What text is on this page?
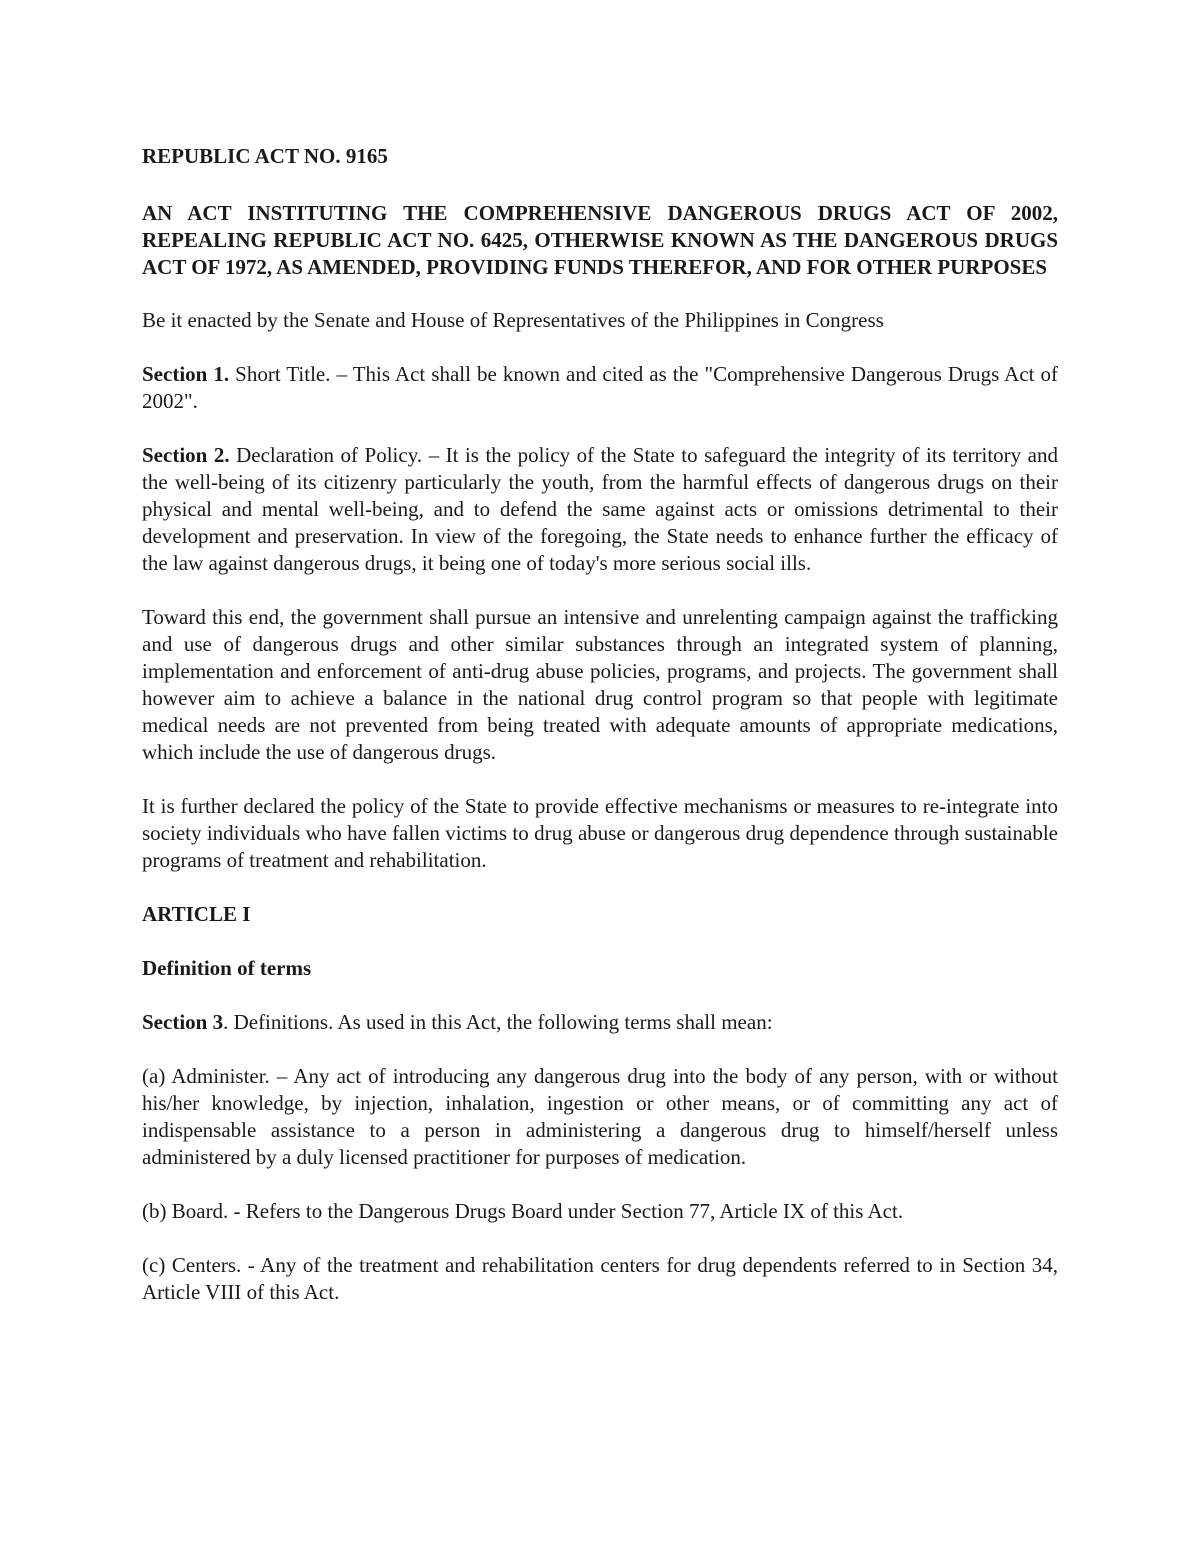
REPUBLIC ACT NO. 9165

AN ACT INSTITUTING THE COMPREHENSIVE DANGEROUS DRUGS ACT OF 2002, REPEALING REPUBLIC ACT NO. 6425, OTHERWISE KNOWN AS THE DANGEROUS DRUGS ACT OF 1972, AS AMENDED, PROVIDING FUNDS THEREFOR, AND FOR OTHER PURPOSES

Be it enacted by the Senate and House of Representatives of the Philippines in Congress

Section 1. Short Title. – This Act shall be known and cited as the "Comprehensive Dangerous Drugs Act of 2002".

Section 2. Declaration of Policy. – It is the policy of the State to safeguard the integrity of its territory and the well-being of its citizenry particularly the youth, from the harmful effects of dangerous drugs on their physical and mental well-being, and to defend the same against acts or omissions detrimental to their development and preservation. In view of the foregoing, the State needs to enhance further the efficacy of the law against dangerous drugs, it being one of today's more serious social ills.

Toward this end, the government shall pursue an intensive and unrelenting campaign against the trafficking and use of dangerous drugs and other similar substances through an integrated system of planning, implementation and enforcement of anti-drug abuse policies, programs, and projects. The government shall however aim to achieve a balance in the national drug control program so that people with legitimate medical needs are not prevented from being treated with adequate amounts of appropriate medications, which include the use of dangerous drugs.

It is further declared the policy of the State to provide effective mechanisms or measures to re-integrate into society individuals who have fallen victims to drug abuse or dangerous drug dependence through sustainable programs of treatment and rehabilitation.

ARTICLE I

Definition of terms

Section 3. Definitions. As used in this Act, the following terms shall mean:

(a) Administer. – Any act of introducing any dangerous drug into the body of any person, with or without his/her knowledge, by injection, inhalation, ingestion or other means, or of committing any act of indispensable assistance to a person in administering a dangerous drug to himself/herself unless administered by a duly licensed practitioner for purposes of medication.

(b) Board. - Refers to the Dangerous Drugs Board under Section 77, Article IX of this Act.

(c) Centers. - Any of the treatment and rehabilitation centers for drug dependents referred to in Section 34, Article VIII of this Act.
